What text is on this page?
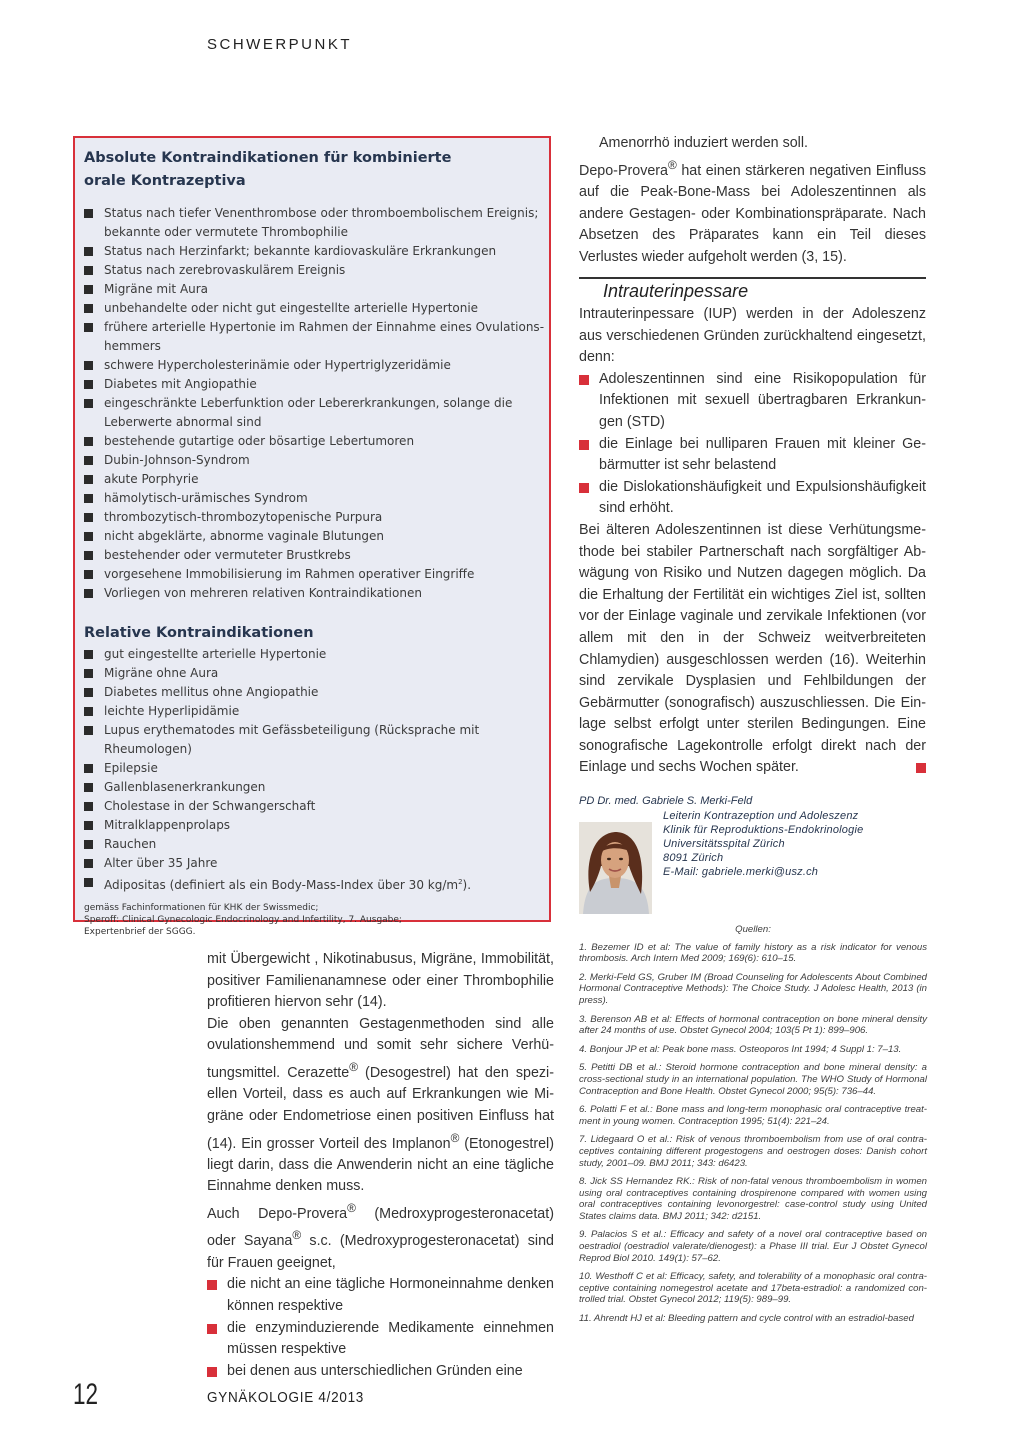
SCHWERPUNKT
Absolute Kontraindikationen für kombinierte
orale Kontrazeptiva
Status nach tiefer Venenthrombose oder thromboembolischem Ereignis; bekannte oder vermutete Thrombophilie
Status nach Herzinfarkt; bekannte kardiovaskuläre Erkrankungen
Status nach zerebrovaskulärem Ereignis
Migräne mit Aura
unbehandelte oder nicht gut eingestellte arterielle Hypertonie
frühere arterielle Hypertonie im Rahmen der Einnahme eines Ovulationshemmers
schwere Hypercholesterinämie oder Hypertriglyzeridämie
Diabetes mit Angiopathie
eingeschränkte Leberfunktion oder Lebererkrankungen, solange die Leberwerte abnormal sind
bestehende gutartige oder bösartige Lebertumoren
Dubin-Johnson-Syndrom
akute Porphyrie
hämolytisch-urämisches Syndrom
thrombozytisch-thrombozytopenische Purpura
nicht abgeklärte, abnorme vaginale Blutungen
bestehender oder vermuteter Brustkrebs
vorgesehene Immobilisierung im Rahmen operativer Eingriffe
Vorliegen von mehreren relativen Kontraindikationen
Relative Kontraindikationen
gut eingestellte arterielle Hypertonie
Migräne ohne Aura
Diabetes mellitus ohne Angiopathie
leichte Hyperlipidämie
Lupus erythematodes mit Gefässbeteiligung (Rücksprache mit Rheumologen)
Epilepsie
Gallenblasenerkrankungen
Cholestase in der Schwangerschaft
Mitralklappenprolaps
Rauchen
Alter über 35 Jahre
Adipositas (definiert als ein Body-Mass-Index über 30 $kg/m^2$).
gemäss Fachinformationen für KHK der Swissmedic;
Speroff: Clinical Gynecologic Endocrinology and Infertility, 7. Ausgabe;
Expertenbrief der SGGG.

Amenorrhö induziert werden soll.

Depo-Provera® hat einen stärkeren negativen Einfluss auf die Peak-Bone-Mass bei Adoleszentinnen als andere Gestagen- oder Kombinationspräparate. Nach Absetzen des Präparates kann ein Teil dieses Verlustes wieder aufgeholt werden (3, 15).

Intrauterinpessare

Intrauterinpessare (IUP) werden in der Adoleszenz aus verschiedenen Gründen zurückhaltend eingesetzt, denn:

Adoleszentinnen sind eine Risikopopulation für Infektionen mit sexuell übertragbaren Erkrankungen (STD)
die Einlage bei nulliparen Frauen mit kleiner Gebärmutter ist sehr belastend
die Dislokationshäufigkeit und Expulsionshäufigkeit sind erhöht.

Bei älteren Adoleszentinnen ist diese Verhütungsmethode bei stabiler Partnerschaft nach sorgfältiger Abwägung von Risiko und Nutzen dagegen möglich. Da die Erhaltung der Fertilität ein wichtiges Ziel ist, sollten vor der Einlage vaginale und zervikale Infektionen (vor allem mit den in der Schweiz weitverbreiteten Chlamydien) ausgeschlossen werden (16). Weiterhin sind zervikale Dysplasien und Fehlbildungen der Gebärmutter (sonografisch) auszuschliessen. Die Einlage selbst erfolgt unter sterilen Bedingungen. Eine sonografische Lagekontrolle erfolgt direkt nach der Einlage und sechs Wochen später.

PD Dr. med. Gabriele S. Merki-Feld
Leiterin Kontrazeption und Adoleszenz
Klinik für Reproduktions-Endokrinologie
Universitätsspital Zürich
8091 Zürich
E-Mail: gabriele.merki@usz.ch

mit Übergewicht , Nikotinabusus, Migräne, Immobilität, positiver Familienanamnese oder einer Thrombophilie profitieren hiervon sehr (14).

Die oben genannten Gestagenmethoden sind alle ovulationshemmend und somit sehr sichere Verhütungsmittel. Cerazette® (Desogestrel) hat den speziellen Vorteil, dass es auch auf Erkrankungen wie Migräne oder Endometriose einen positiven Einfluss hat (14). Ein grosser Vorteil des Implanon® (Etonogestrel) liegt darin, dass die Anwenderin nicht an eine tägliche Einnahme denken muss.

Auch Depo-Provera® (Medroxyprogesteronacetat) oder Sayana® s.c. (Medroxyprogesteronacetat) sind für Frauen geeignet,

die nicht an eine tägliche Hormoneinnahme denken können respektive
die enzyminduzierende Medikamente einnehmen müssen respektive
bei denen aus unterschiedlichen Gründen eine
Quellen:
1. Bezemer ID et al: The value of family history as a risk indicator for venous thrombosis. Arch Intern Med 2009; 169(6): 610–15.
2. Merki-Feld GS, Gruber IM (Broad Counseling for Adolescents About Combined Hormonal Contraceptive Methods): The Choice Study. J Adolesc Health, 2013 (in press).
3. Berenson AB et al: Effects of hormonal contraception on bone mineral density after 24 months of use. Obstet Gynecol 2004; 103(5 Pt 1): 899–906.
4. Bonjour JP et al: Peak bone mass. Osteoporos Int 1994; 4 Suppl 1: 7–13.
5. Petitti DB et al.: Steroid hormone contraception and bone mineral density: a cross-sectional study in an international population. The WHO Study of Hormonal Contraception and Bone Health. Obstet Gynecol 2000; 95(5): 736–44.
6. Polatti F et al.: Bone mass and long-term monophasic oral contraceptive treatment in young women. Contraception 1995; 51(4): 221–24.
7. Lidegaard O et al.: Risk of venous thromboembolism from use of oral contraceptives containing different progestogens and oestrogen doses: Danish cohort study, 2001–09. BMJ 2011; 343: d6423.
8. Jick SS Hernandez RK.: Risk of non-fatal venous thromboembolism in women using oral contraceptives containing drospirenone compared with women using oral contraceptives containing levonorgestrel: case-control study using United States claims data. BMJ 2011; 342: d2151.
9. Palacios S et al.: Efficacy and safety of a novel oral contraceptive based on oestradiol (oestradiol valerate/dienogest): a Phase III trial. Eur J Obstet Gynecol Reprod Biol 2010. 149(1): 57–62.
10. Westhoff C et al: Efficacy, safety, and tolerability of a monophasic oral contraceptive containing nomegestrol acetate and 17beta-estradiol: a randomized controlled trial. Obstet Gynecol 2012; 119(5): 989–99.
11. Ahrendt HJ et al: Bleeding pattern and cycle control with an estradiol-based
12	GYNÄKOLOGIE 4/2013
